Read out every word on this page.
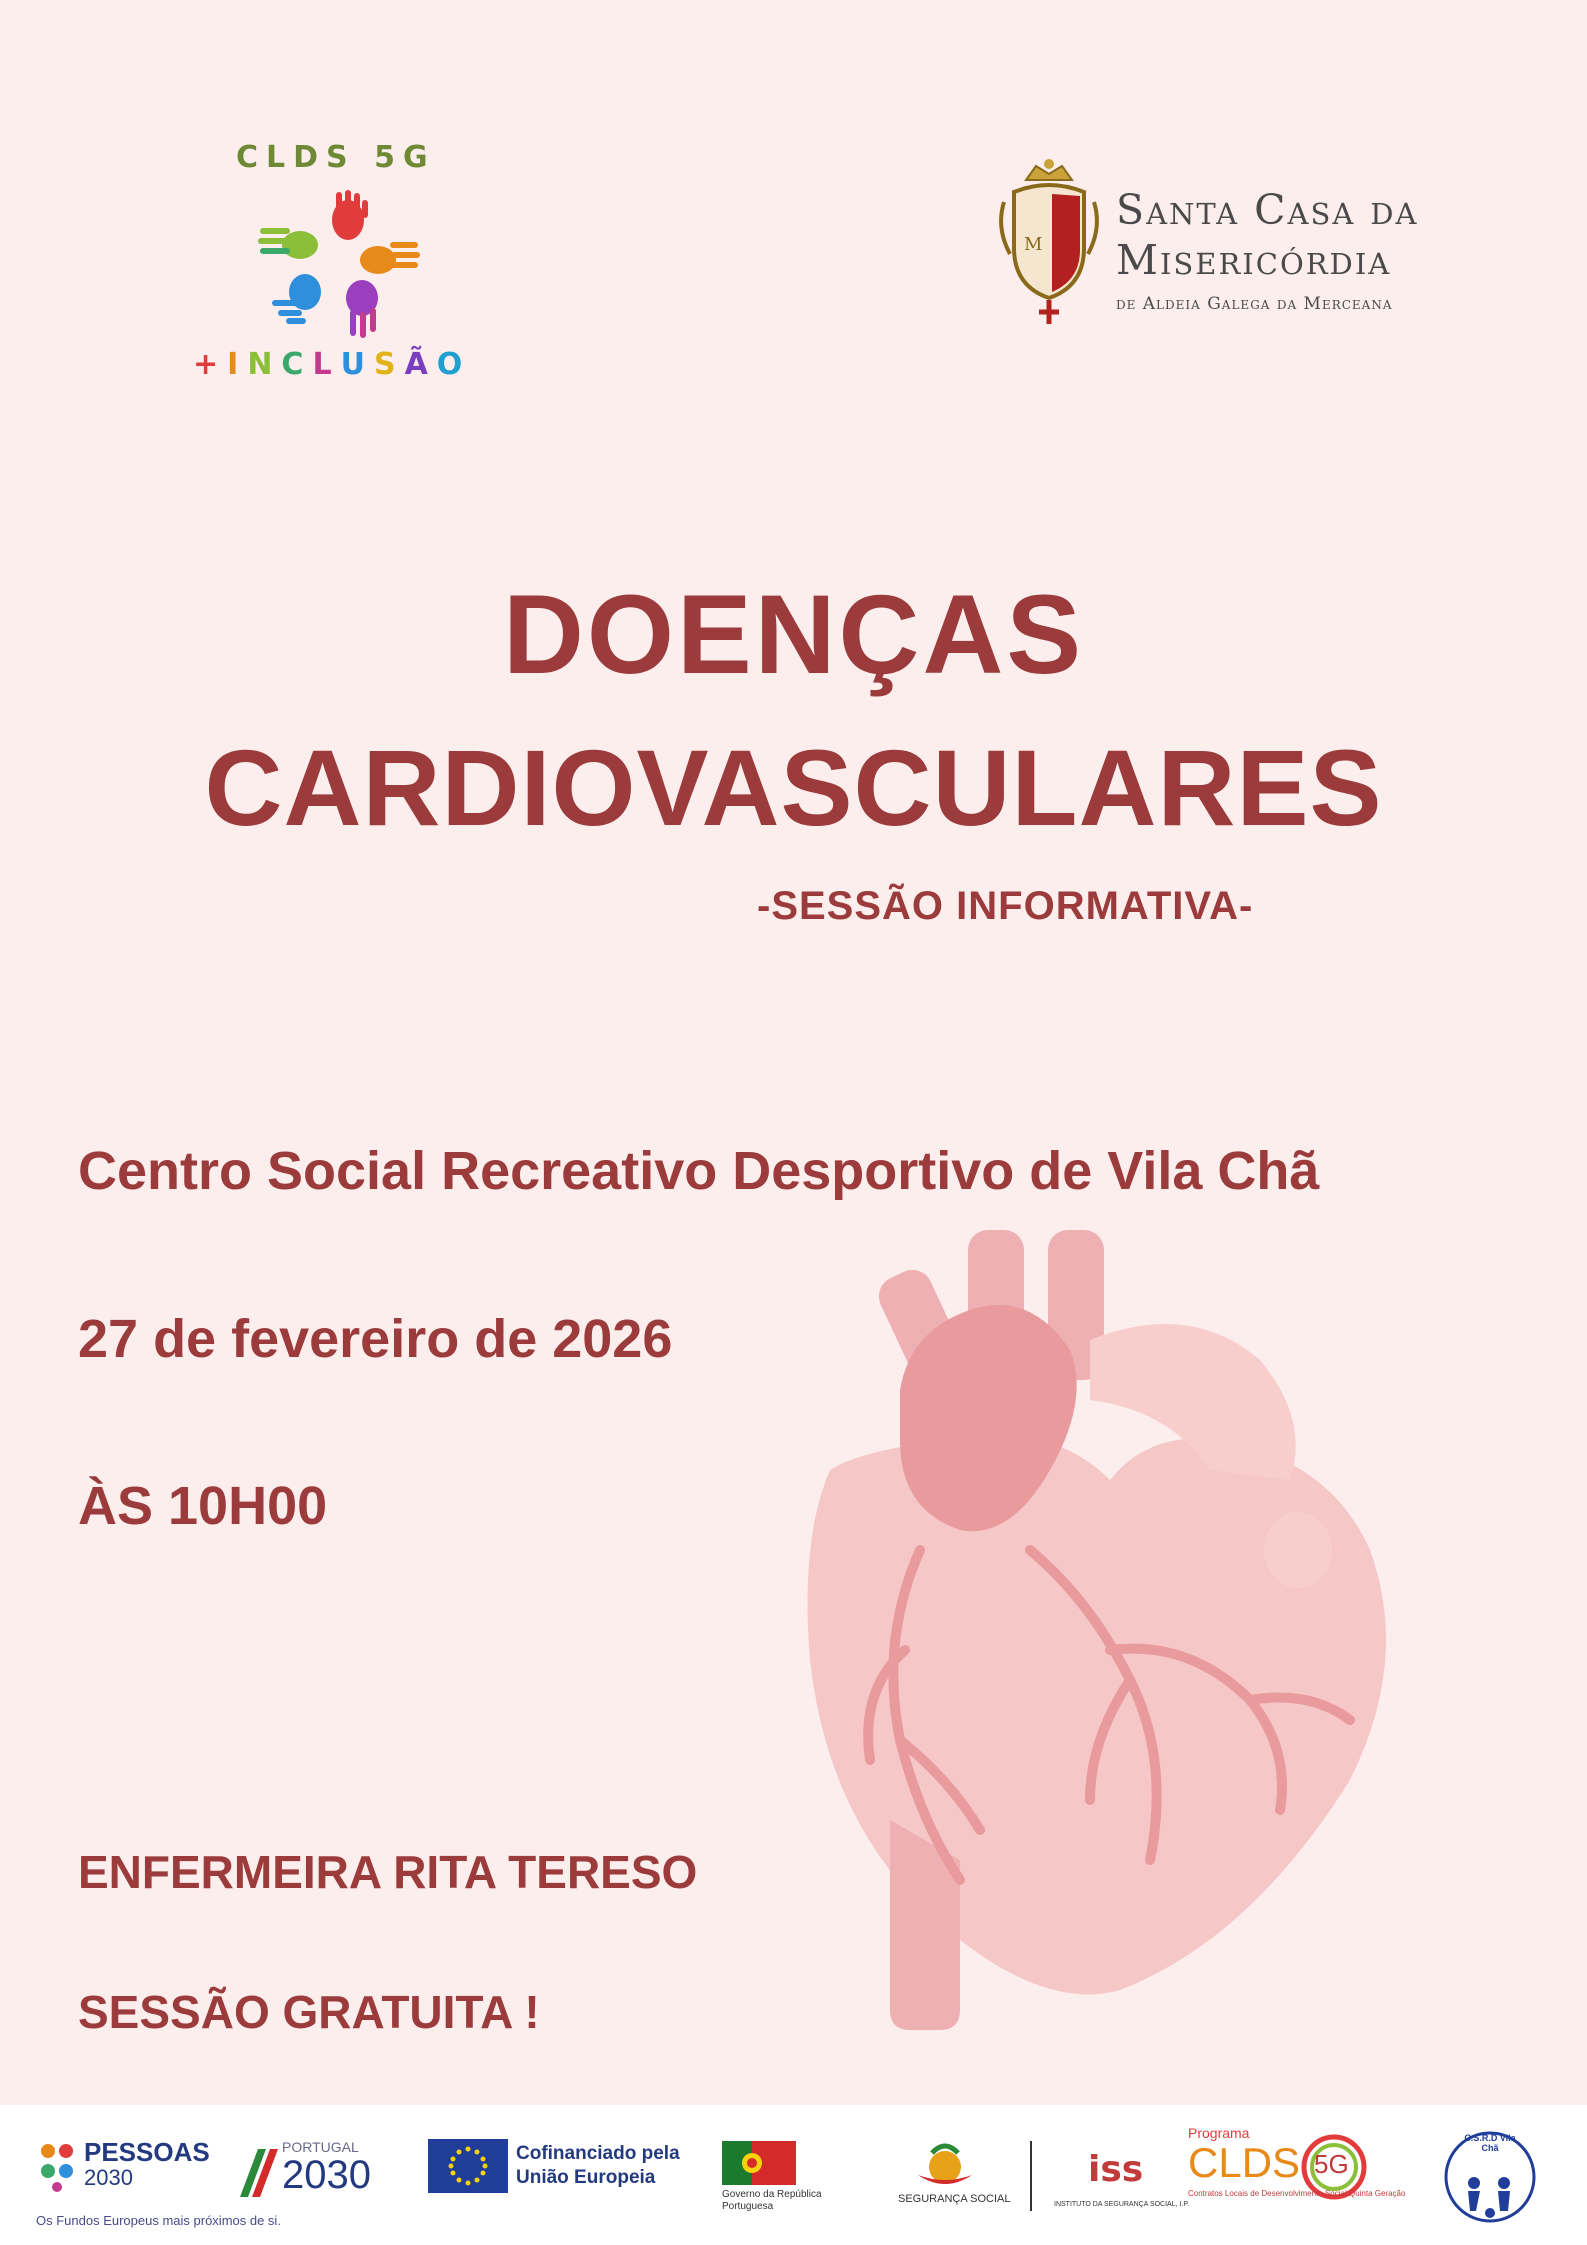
CLDS 5G
+INCLUSÃO
M
Santa Casa da
Misericórdia
de Aldeia Galega da Merceana
DOENÇAS
CARDIOVASCULARES
-SESSÃO INFORMATIVA-
Centro Social Recreativo Desportivo de Vila Chã
27 de fevereiro de 2026
ÀS 10H00
ENFERMEIRA RITA TERESO
SESSÃO GRATUITA !
PESSOAS
2030
Os Fundos Europeus mais próximos de si.
PORTUGAL
2030	Cofinanciado pela
União Europeia
Governo da República
Portuguesa
SEGURANÇA SOCIAL
iss
INSTITUTO DA SEGURANÇA SOCIAL, I.P.
Programa
CLDS 5G
Contratos Locais de Desenvolvimento Social Quinta Geração
C.S.R.D Vila Chã
